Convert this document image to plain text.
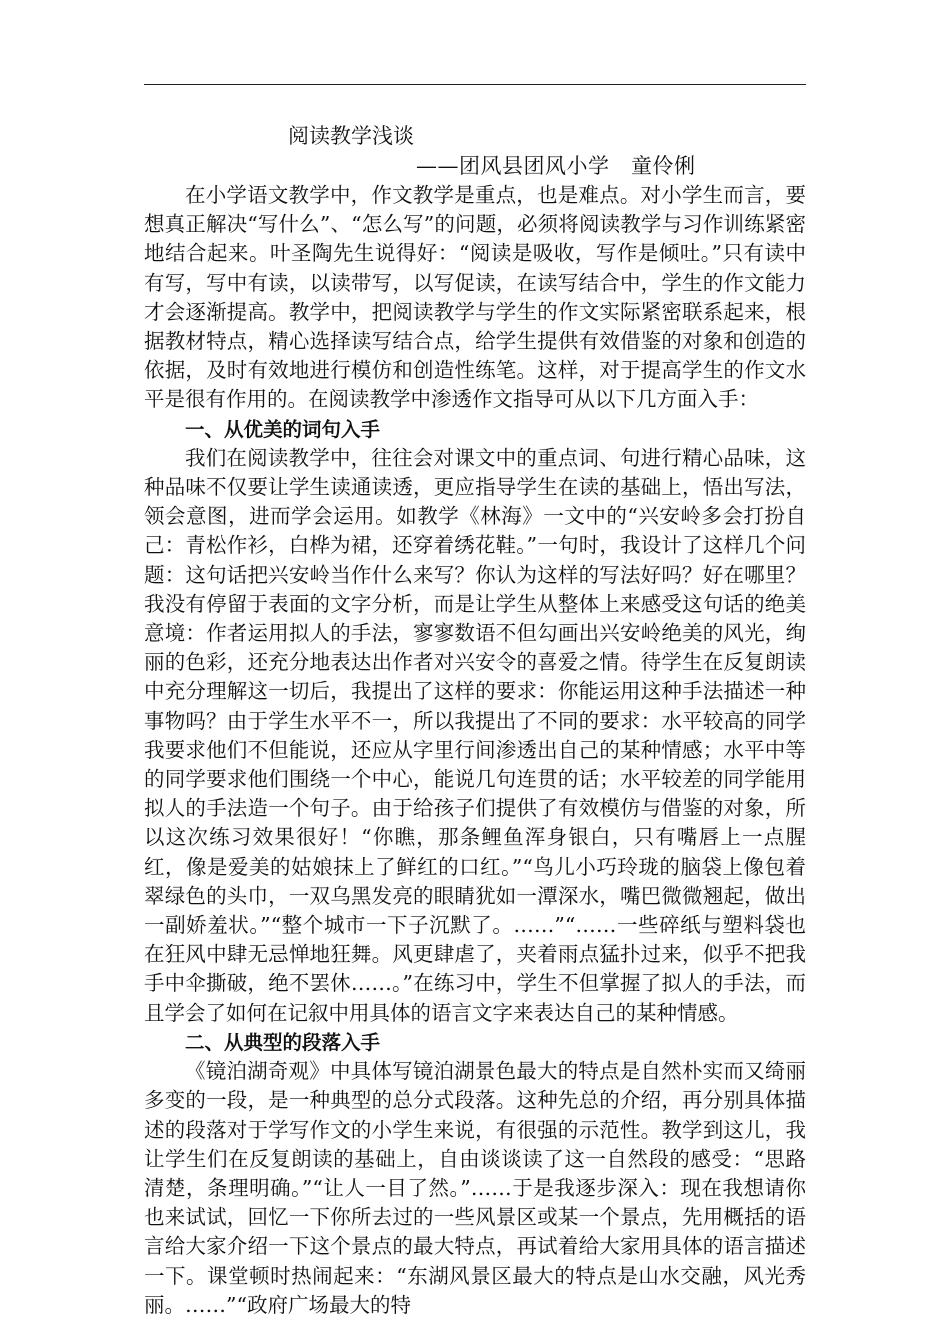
阅读教学浅谈
——团风县团风小学　童伶俐

在小学语文教学中，作文教学是重点，也是难点。对小学生而言，要想真正解决“写什么”、“怎么写”的问题，必须将阅读教学与习作训练紧密地结合起来。叶圣陶先生说得好：“阅读是吸收，写作是倾吐。”只有读中有写，写中有读，以读带写，以写促读，在读写结合中，学生的作文能力才会逐渐提高。教学中，把阅读教学与学生的作文实际紧密联系起来，根据教材特点，精心选择读写结合点，给学生提供有效借鉴的对象和创造的依据，及时有效地进行模仿和创造性练笔。这样，对于提高学生的作文水平是很有作用的。在阅读教学中渗透作文指导可从以下几方面入手：

一、从优美的词句入手

我们在阅读教学中，往往会对课文中的重点词、句进行精心品味，这种品味不仅要让学生读通读透，更应指导学生在读的基础上，悟出写法，领会意图，进而学会运用。如教学《林海》一文中的“兴安岭多会打扮自己：青松作衫，白桦为裙，还穿着绣花鞋。”一句时，我设计了这样几个问题：这句话把兴安岭当作什么来写？你认为这样的写法好吗？好在哪里？我没有停留于表面的文字分析，而是让学生从整体上来感受这句话的绝美意境：作者运用拟人的手法，寥寥数语不但勾画出兴安岭绝美的风光，绚丽的色彩，还充分地表达出作者对兴安令的喜爱之情。待学生在反复朗读中充分理解这一切后，我提出了这样的要求：你能运用这种手法描述一种事物吗？由于学生水平不一，所以我提出了不同的要求：水平较高的同学我要求他们不但能说，还应从字里行间渗透出自己的某种情感；水平中等的同学要求他们围绕一个中心，能说几句连贯的话；水平较差的同学能用拟人的手法造一个句子。由于给孩子们提供了有效模仿与借鉴的对象，所以这次练习效果很好！“你瞧，那条鲤鱼浑身银白，只有嘴唇上一点腥红，像是爱美的姑娘抹上了鲜红的口红。”“鸟儿小巧玲珑的脑袋上像包着翠绿色的头巾，一双乌黑发亮的眼睛犹如一潭深水，嘴巴微微翘起，做出一副娇羞状。”“整个城市一下子沉默了。……”“……一些碎纸与塑料袋也在狂风中肆无忌惮地狂舞。风更肆虐了，夹着雨点猛扑过来，似乎不把我手中伞撕破，绝不罢休……。”在练习中，学生不但掌握了拟人的手法，而且学会了如何在记叙中用具体的语言文字来表达自己的某种情感。

二、从典型的段落入手

《镜泊湖奇观》中具体写镜泊湖景色最大的特点是自然朴实而又绮丽多变的一段，是一种典型的总分式段落。这种先总的介绍，再分别具体描述的段落对于学写作文的小学生来说，有很强的示范性。教学到这儿，我让学生们在反复朗读的基础上，自由谈谈读了这一自然段的感受：“思路清楚，条理明确。”“让人一目了然。”……于是我逐步深入：现在我想请你也来试试，回忆一下你所去过的一些风景区或某一个景点，先用概括的语言给大家介绍一下这个景点的最大特点，再试着给大家用具体的语言描述一下。课堂顿时热闹起来：“东湖风景区最大的特点是山水交融，风光秀丽。……”“政府广场最大的特
